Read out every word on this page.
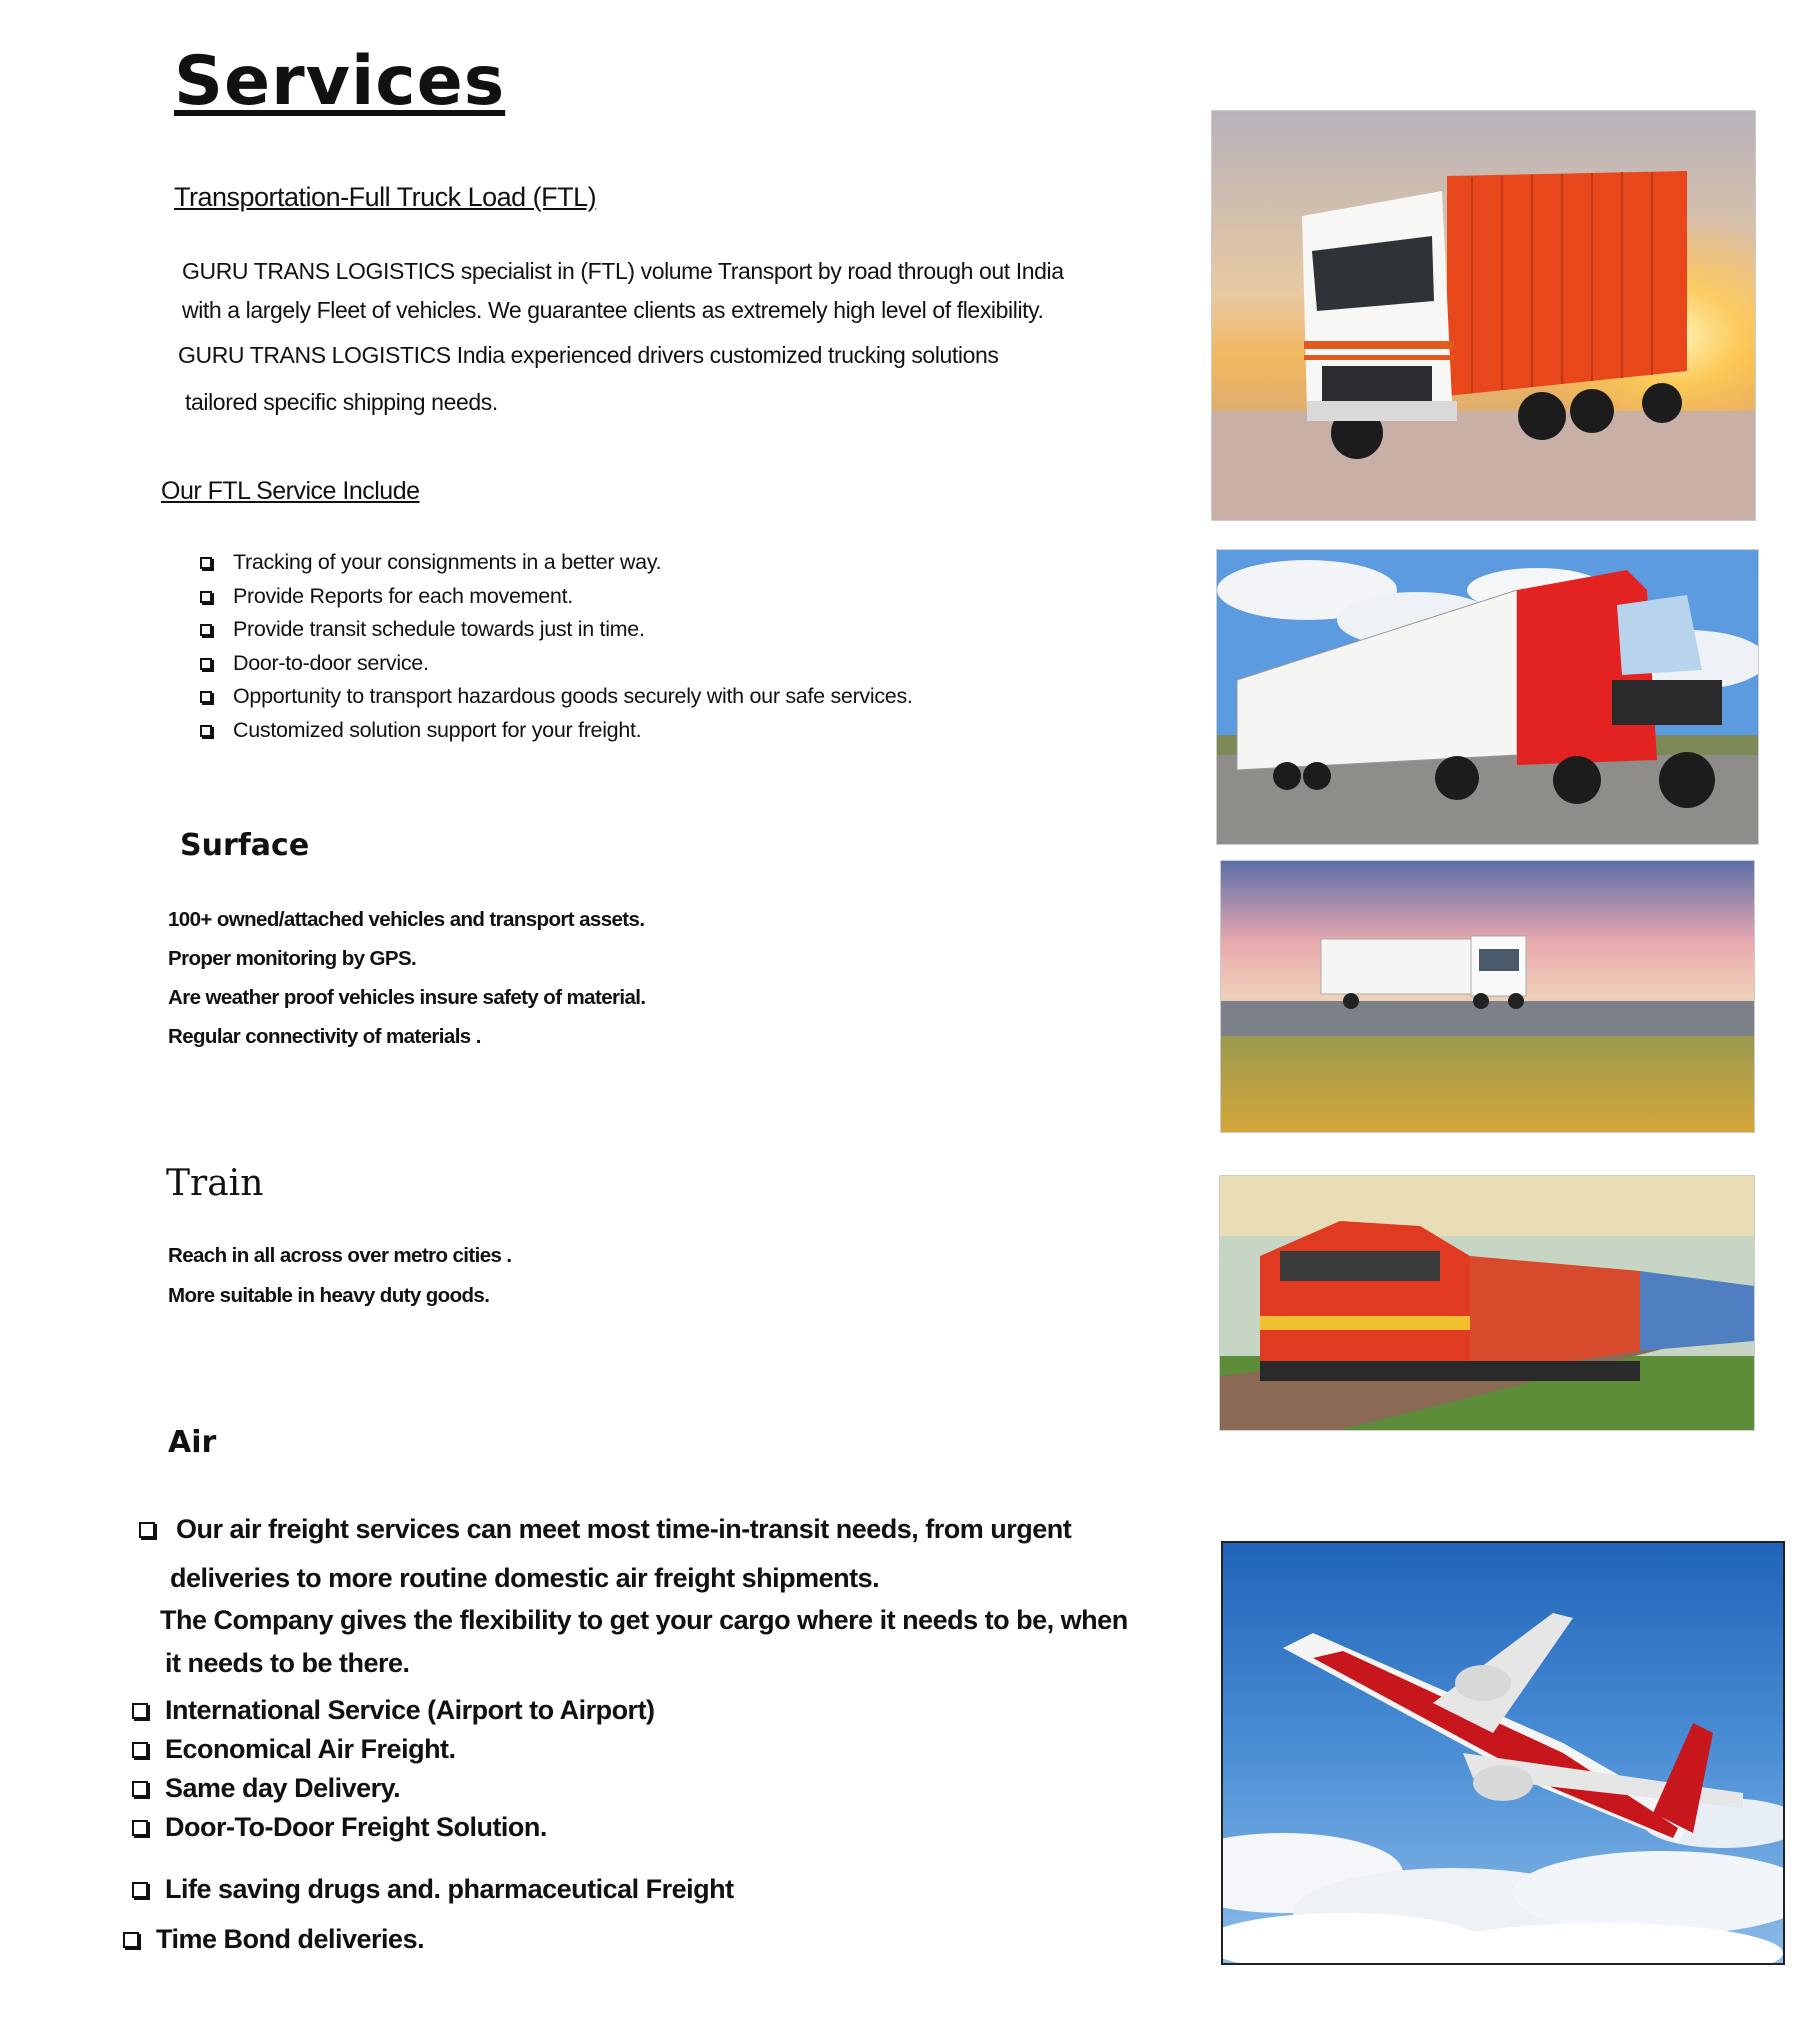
Services
Transportation-Full Truck Load (FTL)
GURU TRANS LOGISTICS specialist in (FTL) volume Transport by road through out India
with a largely Fleet of vehicles. We guarantee clients as extremely high level of flexibility.
GURU TRANS LOGISTICS India experienced drivers customized trucking solutions
tailored specific shipping needs.
Our FTL Service Include
Tracking of your consignments in a better way.
Provide Reports for each movement.
Provide transit schedule towards just in time.
Door-to-door service.
Opportunity to transport hazardous goods securely with our safe services.
Customized solution support for your freight.
Surface
100+ owned/attached vehicles and transport assets.
Proper monitoring by GPS.
Are weather proof vehicles insure safety of material.
Regular connectivity of materials .
Train
Reach in all across over metro cities .
More suitable in heavy duty goods.
Air
Our air freight services can meet most time-in-transit needs, from urgent
deliveries to more routine domestic air freight shipments.
The Company gives the flexibility to get your cargo where it needs to be, when
it needs to be there.
International Service (Airport to Airport)
Economical Air Freight.
Same day Delivery.
Door-To-Door Freight Solution.
Life saving drugs and. pharmaceutical Freight
Time Bond deliveries.
